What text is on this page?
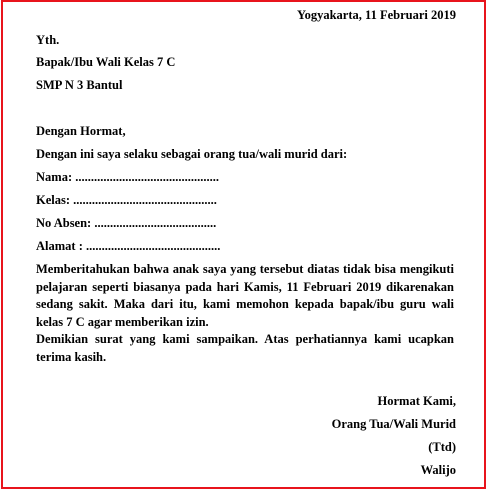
Yogyakarta, 11 Februari 2019
Yth.
Bapak/Ibu Wali Kelas 7 C
SMP N 3 Bantul
Dengan Hormat,
Dengan ini saya selaku sebagai orang tua/wali murid dari:
Nama: ..............................................
Kelas: ..............................................
No Absen: .......................................
Alamat : ...........................................
Memberitahukan bahwa anak saya yang tersebut diatas tidak bisa mengikuti pelajaran seperti biasanya pada hari Kamis, 11 Februari 2019 dikarenakan sedang sakit. Maka dari itu, kami memohon kepada bapak/ibu guru wali kelas 7 C agar memberikan izin.
Demikian surat yang kami sampaikan. Atas perhatiannya kami ucapkan terima kasih.
Hormat Kami,
Orang Tua/Wali Murid
(Ttd)
Walijo
